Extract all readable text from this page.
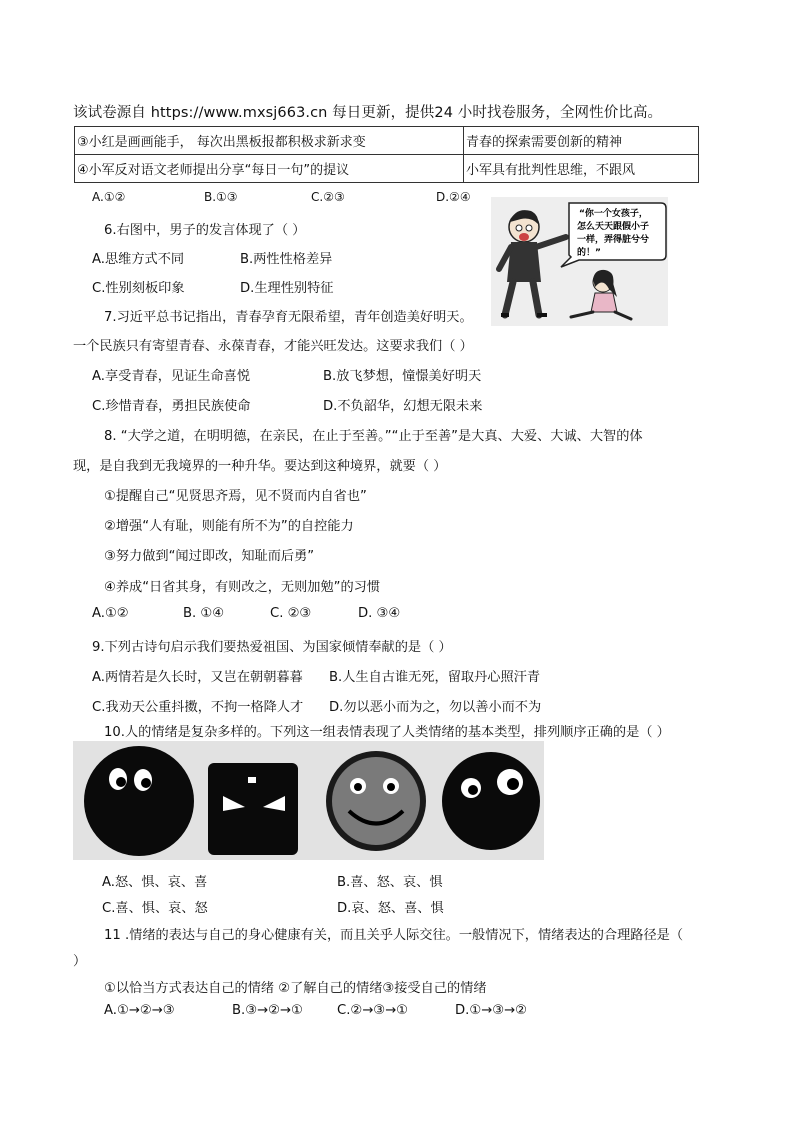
该试卷源自 https://www.mxsj663.cn 每日更新，提供24 小时找卷服务，全网性价比高。
③小红是画画能手， 每次出黑板报都积极求新求变	青春的探索需要创新的精神
④小军反对语文老师提出分享“每日一句”的提议	小军具有批判性思维，不跟风
A.①②	B.①③	C.②③	D.②④
6.右图中，男子的发言体现了（ ）
A.思维方式不同	B.两性性格差异
C.性别刻板印象	D.生理性别特征
“你一个女孩子，
怎么天天跟假小子
一样，弄得脏兮兮
的！”
7.习近平总书记指出，青春孕育无限希望，青年创造美好明天。
一个民族只有寄望青春、永葆青春，才能兴旺发达。这要求我们（ ）
A.享受青春，见证生命喜悦	B.放飞梦想，憧憬美好明天
C.珍惜青春，勇担民族使命	D.不负韶华，幻想无限未来
8. “大学之道，在明明德，在亲民，在止于至善。”“止于至善”是大真、大爱、大诚、大智的体
现，是自我到无我境界的一种升华。要达到这种境界，就要（ ）
①提醒自己“见贤思齐焉，见不贤而内自省也”
②增强“人有耻，则能有所不为”的自控能力
③努力做到“闻过即改，知耻而后勇”
④养成“日省其身，有则改之，无则加勉”的习惯
A.①②	B. ①④	C. ②③	D. ③④
9.下列古诗句启示我们要热爱祖国、为国家倾情奉献的是（ ）
A.两情若是久长时，又岂在朝朝暮暮 B.人生自古谁无死，留取丹心照汗青
C.我劝天公重抖擞，不拘一格降人才 D.勿以恶小而为之，勿以善小而不为
10.人的情绪是复杂多样的。下列这一组表情表现了人类情绪的基本类型，排列顺序正确的是（ ）
A.怒、惧、哀、喜	B.喜、怒、哀、惧
C.喜、惧、哀、怒	D.哀、怒、喜、惧
11 .情绪的表达与自己的身心健康有关，而且关乎人际交往。一般情况下，情绪表达的合理路径是（
）
①以恰当方式表达自己的情绪 ②了解自己的情绪③接受自己的情绪
A.①→②→③	B.③→②→①	C.②→③→①	D.①→③→②
